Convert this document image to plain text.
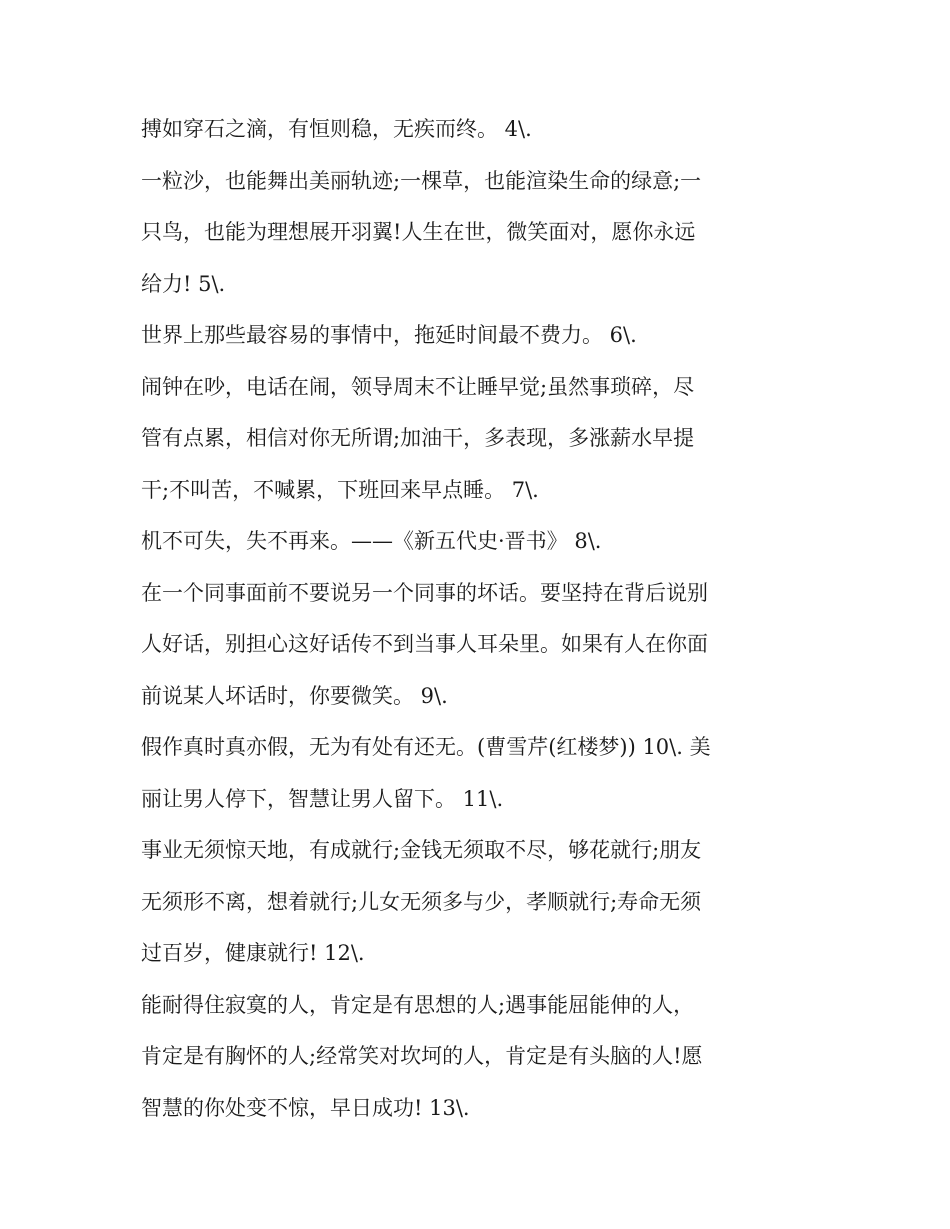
搏如穿石之滴，有恒则稳，无疾而终。 4\.
一粒沙，也能舞出美丽轨迹;一棵草，也能渲染生命的绿意;一
只鸟，也能为理想展开羽翼!人生在世，微笑面对，愿你永远
给力! 5\.
世界上那些最容易的事情中，拖延时间最不费力。 6\.
闹钟在吵，电话在闹，领导周末不让睡早觉;虽然事琐碎，尽
管有点累，相信对你无所谓;加油干，多表现，多涨薪水早提
干;不叫苦，不喊累，下班回来早点睡。 7\.
机不可失，失不再来。——《新五代史·晋书》 8\.
在一个同事面前不要说另一个同事的坏话。要坚持在背后说别
人好话，别担心这好话传不到当事人耳朵里。如果有人在你面
前说某人坏话时，你要微笑。 9\.
假作真时真亦假，无为有处有还无。(曹雪芹(红楼梦)) 10\. 美
丽让男人停下，智慧让男人留下。 11\.
事业无须惊天地，有成就行;金钱无须取不尽，够花就行;朋友
无须形不离，想着就行;儿女无须多与少，孝顺就行;寿命无须
过百岁，健康就行! 12\.
能耐得住寂寞的人，肯定是有思想的人;遇事能屈能伸的人，
肯定是有胸怀的人;经常笑对坎坷的人，肯定是有头脑的人!愿
智慧的你处变不惊，早日成功! 13\.
